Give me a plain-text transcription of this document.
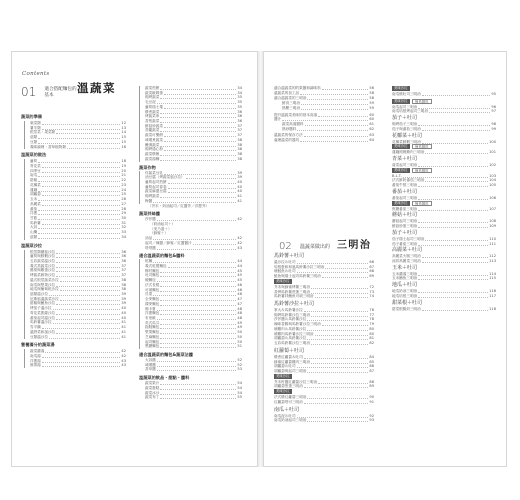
Contents
01 適合搭配麵包的
基本
溫蔬菜
蔬菜的準備
葉菜類	12
薯芋類	13
根莖菜・果菜類	14
菇類	15
豆類	15
義味調理・香草植物類	16
溫蔬菜的做法
蘆筍	18
青花菜	19
四季豆	20
南瓜	21
甜椒	22
花椰菜	23
蓮藕	24
胡蘿蔔	25
玉米	26
高麗菜	27
番茄	28
洋蔥	29
甘藍	30
馬鈴薯	31
大蒜	32
山藥	33
菇類	34
溫蔬菜沙拉
根莖類蘑菇沙拉	36
蘆筍與鮮蝦沙拉	36
五彩蔬菜溫沙拉	36
義式蒸蔬菜沙拉	37
酪梨與雞蛋沙拉	37
烤蔬菜穀物沙拉	37
溫式根莖蔬菜沙拉	38
南瓜與堅果沙拉	38
地瓜與葡萄乾沙拉	38
菇類溫沙拉	39
尼斯風溫蔬菜沙拉	39
甜椒與鮪魚沙拉	39
烤茄子溫沙拉	40
青花菜凱薩沙拉	40
番茄起司溫沙拉	40
馬鈴薯溫沙拉	41
雪平鍋	41
溫野菜和風沙拉	41
豆類溫沙拉	41
營養滿分的蔬菜湯
蔬菜濃湯	42
南瓜湯	42
洋蔥湯	43
蕪菁湯	43
蔬菜煎餅	34
蔬菜歐姆蛋	34
焗烤蔬菜	35
毛豆泥	35
蘆筍瑞士捲	35
燉煮蔬菜	36
烤蔬菜串	36
香煎蔬菜	36
鮮菇炒蔬菜	37
蒸籠蔬菜	37
蔬菜可樂餅	37
味噌煮蔬菜	38
醃漬蔬菜	38
焗烤通心粉	38
蔬菜燉飯	38
蔬菜湯麵	38
蔬菜作物
炸蔬菜豆乳	39
油豆腐（烤蔬菜風沙拉）	39
蘆筍起司煎餅	40
蘆筍起司春卷	40
蔬菜麻婆豆腐	40
焗烤蔬菜	41
梅醬	41
（芥末・奶油起司／紅醬芥／洋蔥芥）
蔬菜拌絲醬
莎莎醬	42
（奶油起司＋）
（美乃滋＋）
（蜂蜜＋）
油品	42
起司／辣醬／蜂蜜／紅醬醬汁	42
塔塔醬	43
適合溫蔬菜的麵包&醬料
乾麵	44
義式乾製麵包	44
鄉村麵包	45
吐司麵包	45
硬麵包	45
法式長棍	46
可頌麵包	46
貝果	46
全麥麵包	47
裸麥麵包	47
佛卡夏	48
洋蔥麵包	48
布里歐	48
英式馬芬	49
拖鞋麵包	49
堅果麵包	50
芝麻麵包	50
起司麵包	50
黑糖麵包	51
適合溫蔬菜的麵包&蔬菜沾醬
大蒜醬	52
味噌醬	52
香草醬	53
溫蔬菜的飲品・甜點・醬料
蔬菜果汁	54
蔬菜蛋糕	54
蔬菜冰沙	54
蔬菜布丁	55
02 溫蔬菜做出的 三明治
適合溫蔬菜的的果醬和調味料	56
溫蔬菜的加工品	58
適合溫蔬菜的三明治	58
鮮食三明治	59
熱壓三明治	59
提升溫蔬菜美味的基本高湯	60
醬汁	60
蔬菜高湯醬料	61
熱炒醬料	62
溫蔬菜的保存方法	63
處理溫菜的器具	64
馬鈴薯＋吐司
溫沙拉＆吐司	66
培根蛋和和風馬鈴薯沙拉三明治	67
燻鮭魚＆吐司	68
鮭魚與瑞士起司馬鈴薯三明治	69
美味沙拉
芥末與蜂蜜烤薯三明治	72
香烤馬鈴薯煎蛋三明治	73
馬鈴薯拌鮪魚可頌三明治	74
馬鈴薯沙拉＋吐司
掌大＆馬鈴薯沙拉	76
焗烤馬鈴薯沙拉三明治	77
莎莎醬＆馬鈴薯沙拉	78
辣味香腸與馬鈴薯沙拉三明治	79
燻雞肉＆馬鈴薯沙拉	80
燻雞肉馬鈴薯沙拉三明治	80
胡蘿蔔＆馬鈴薯沙拉	81
五彩馬鈴薯沙拉三明治	82
紅蘿蔔＋吐司
燉煮紅蘿蔔＆吐司	84
蜂蜜紅蘿蔔雞肉三明治	85
胡蘿蔔＆吐司	86
胡蘿蔔與起司三明治	87
美味沙拉
芥末籽醬紅蘿蔔沙拉三明治	88
胡蘿蔔煎蛋三明治	89
美味沙拉
法式燉紅蘿蔔三明治	90
紅蘿蔔塔可三明治	91
南瓜＋吐司
南瓜泥＆吐司	92
南瓜奶油起司三明治	93
美味沙拉
南瓜燒吐司三明治	95
美味沙拉	簡易醬料
南瓜起司三明治	96
南瓜培根烤起司三明治	97
茄子＋吐司
焗烤茄子三明治	98
茄子與番茄三明治	99
花椰菜＋吐司
花椰菜鮮蝦三明治	100
美味沙拉	簡易醬料
蓮藕照燒雞肉三明治	101
青菜＋吐司
菠菜起司三明治	102
美味沙拉	簡易醬料
B.L.T.	103
法式鮮奶番茄三明治	104
番茄牛排三明治	105
番茄＋吐司
番茄起司三明治	106
美味沙拉	簡易醬料
焦糖番茄三明治	107
蘑菇＋吐司
蘑菇起司三明治	108
鮮菇炒蛋三明治	109
茄子＋吐司
茄子瑞士起司三明治	110
茄子番茄三明治	111
高麗菜＋吐司
高麗菜火腿三明治	112
涼拌高麗菜三明治	113
玉米＋吐司
玉米濃湯三明治	114
玉米鮪魚三明治	115
地瓜＋吐司
地瓜奶油三明治	116
地瓜培根三明治	117
甜菜根＋吐司
甜菜根酸奶三明治	118
